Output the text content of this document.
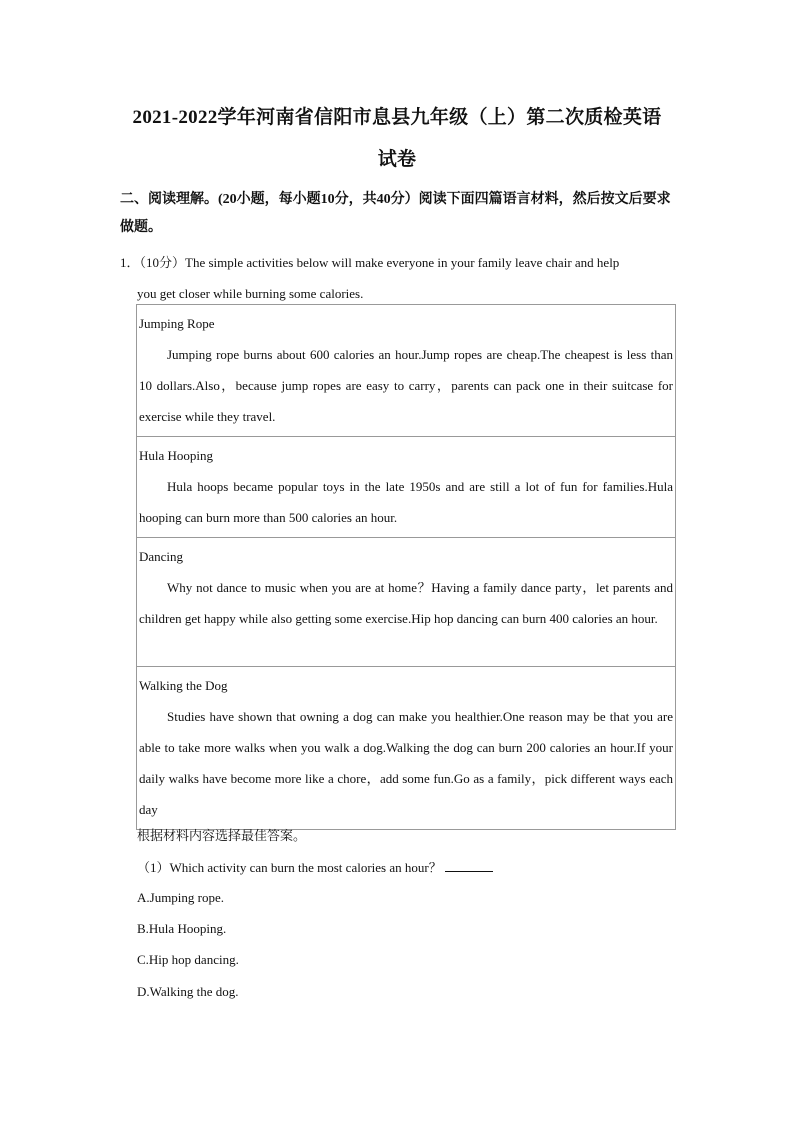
2021-2022学年河南省信阳市息县九年级（上）第二次质检英语
试卷
二、阅读理解。(20小题，每小题10分，共40分）阅读下面四篇语言材料，然后按文后要求做题。
1．（10分）The simple activities below will make everyone in your family leave chair and help
you get closer while burning some calories.
Jumping Rope
Jumping rope burns about 600 calories an hour.Jump ropes are cheap.The cheapest is less than 10 dollars.Also，because jump ropes are easy to carry，parents can pack one in their suitcase for exercise while they travel.

Hula Hooping
Hula hoops became popular toys in the late 1950s and are still a lot of fun for families.Hula hooping can burn more than 500 calories an hour.

Dancing
Why not dance to music when you are at home？Having a family dance party，let parents and children get happy while also getting some exercise.Hip hop dancing can burn 400 calories an hour.

Walking the Dog
Studies have shown that owning a dog can make you healthier.One reason may be that you are able to take more walks when you walk a dog.Walking the dog can burn 200 calories an hour.If your daily walks have become more like a chore，add some fun.Go as a family，pick different ways each day
根据材料内容选择最佳答案。
（1）Which activity can burn the most calories an hour？
A.Jumping rope.
B.Hula Hooping.
C.Hip hop dancing.
D.Walking the dog.
